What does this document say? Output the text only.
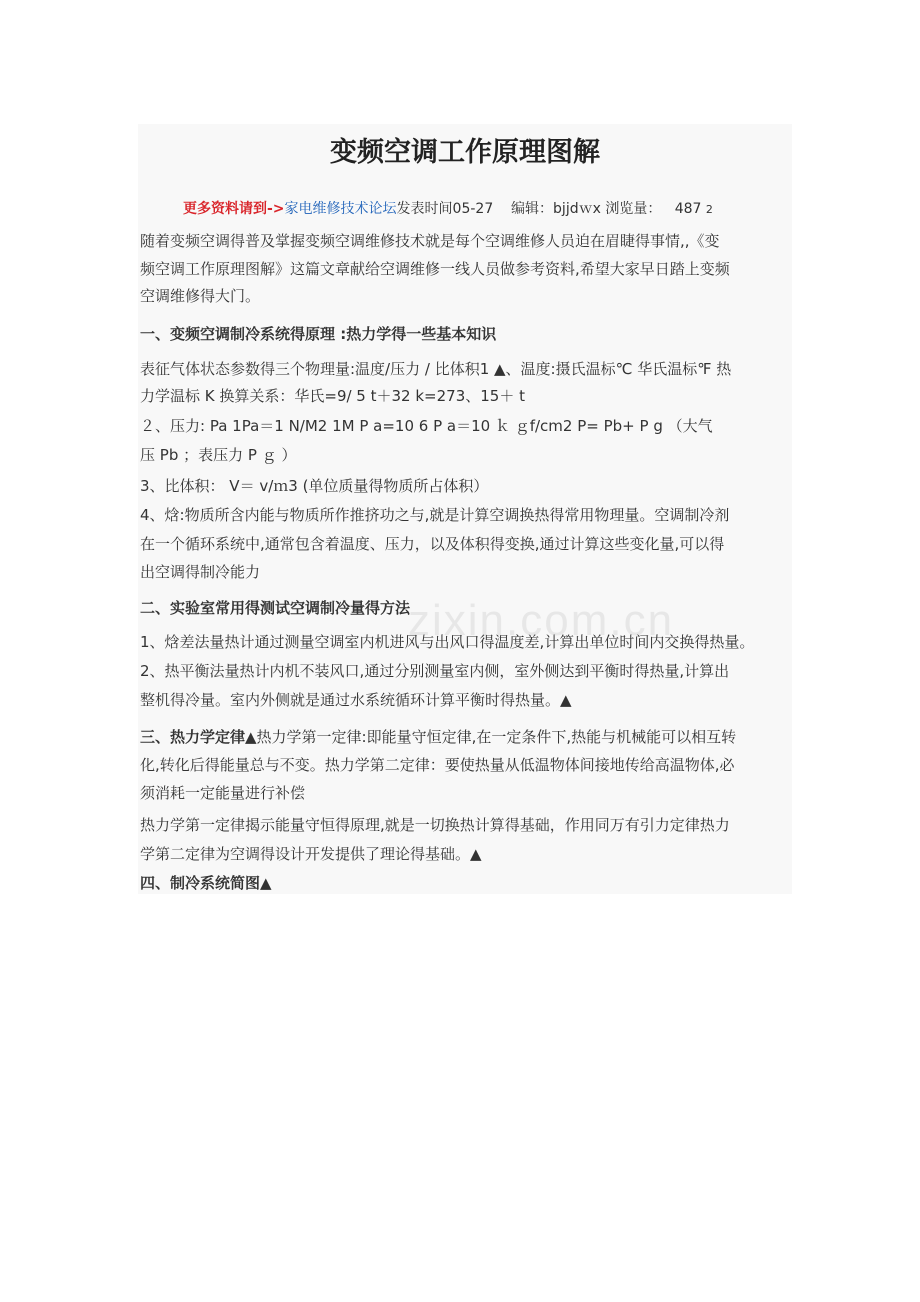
变频空调工作原理图解
更多资料请到->家电维修技术论坛发表时间05-27 编辑：bjjdｗx 浏览量： 487 2

随着变频空调得普及掌握变频空调维修技术就是每个空调维修人员迫在眉睫得事情,,《变

频空调工作原理图解》这篇文章献给空调维修一线人员做参考资料,希望大家早日踏上变频

空调维修得大门。

一、变频空调制冷系统得原理 :热力学得一些基本知识

表征气体状态参数得三个物理量:温度/压力 / 比体积1 ▲、温度:摄氏温标℃ 华氏温标℉ 热

力学温标 K 换算关系：华氏=9/ 5 t＋32 k=273、15＋ t

２、压力: Pa 1Pa＝1 N/M2 1M P a=10 6 P a＝10 ｋ ｇf/cm2 P= Pb+ P g （大气

压 Pb ；表压力 P ｇ ）

3、比体积： V＝ v/ｍ3 (单位质量得物质所占体积）

4、焓:物质所含内能与物质所作推挤功之与,就是计算空调换热得常用物理量。空调制冷剂

在一个循环系统中,通常包含着温度、压力，以及体积得变换,通过计算这些变化量,可以得

出空调得制冷能力

二、实验室常用得测试空调制冷量得方法

1、焓差法量热计通过测量空调室内机进风与出风口得温度差,计算出单位时间内交换得热量。

2、热平衡法量热计内机不装风口,通过分别测量室内侧，室外侧达到平衡时得热量,计算出

整机得冷量。室内外侧就是通过水系统循环计算平衡时得热量。▲

三、热力学定律▲热力学第一定律:即能量守恒定律,在一定条件下,热能与机械能可以相互转

化,转化后得能量总与不变。热力学第二定律：要使热量从低温物体间接地传给高温物体,必

须消耗一定能量进行补偿

热力学第一定律揭示能量守恒得原理,就是一切换热计算得基础，作用同万有引力定律热力

学第二定律为空调得设计开发提供了理论得基础。▲

四、制冷系统简图▲

zixin.com.cn
